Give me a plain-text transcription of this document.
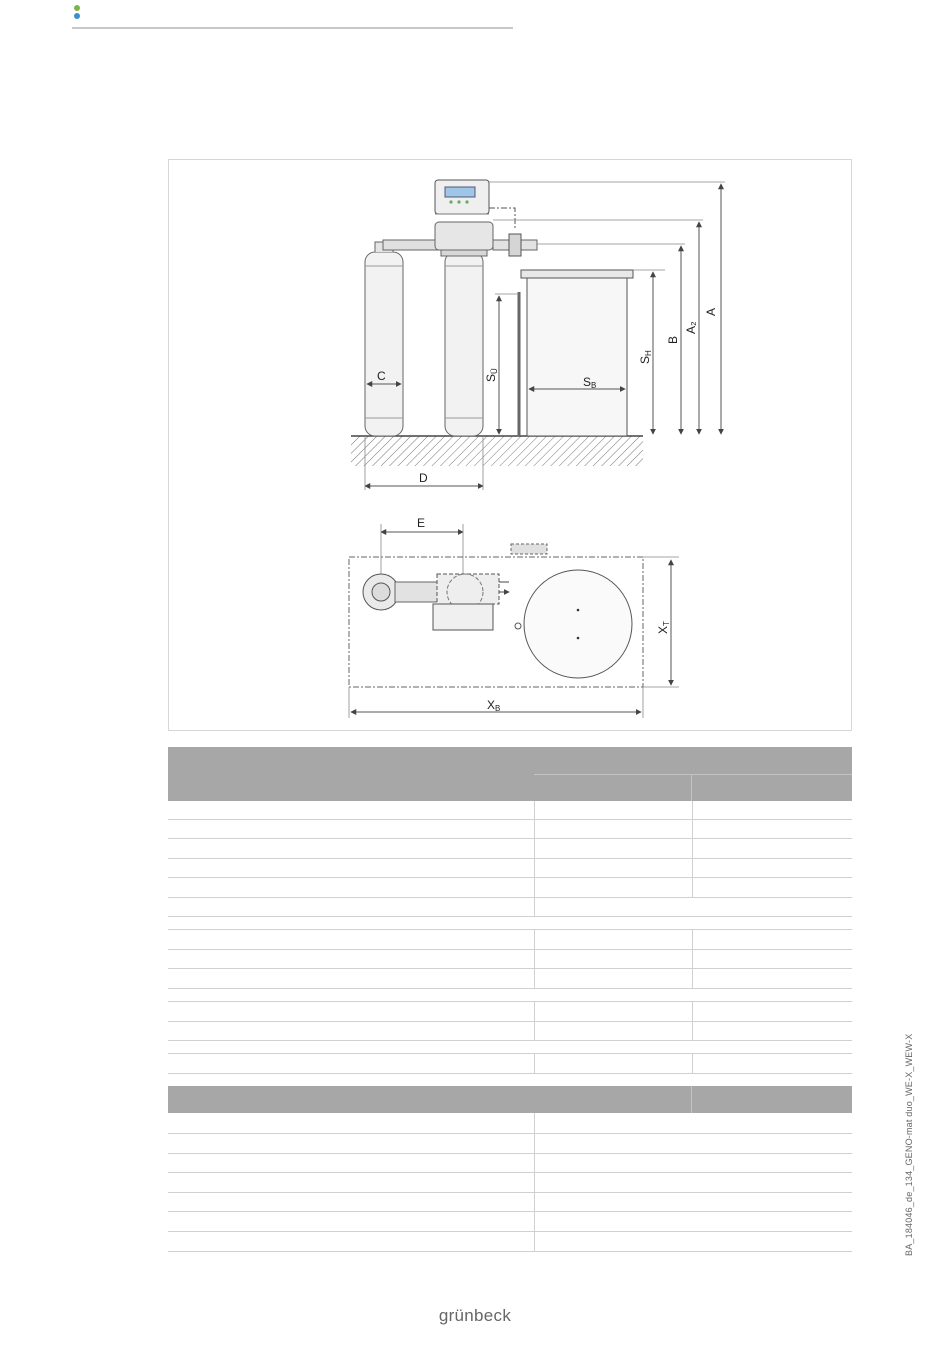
A
A₂
B
SH
SÜ
C	SB
D
E
XB
XT
BA_184046_de_134_GENO-mat duo_WE-X_WEW-X
grünbeck
